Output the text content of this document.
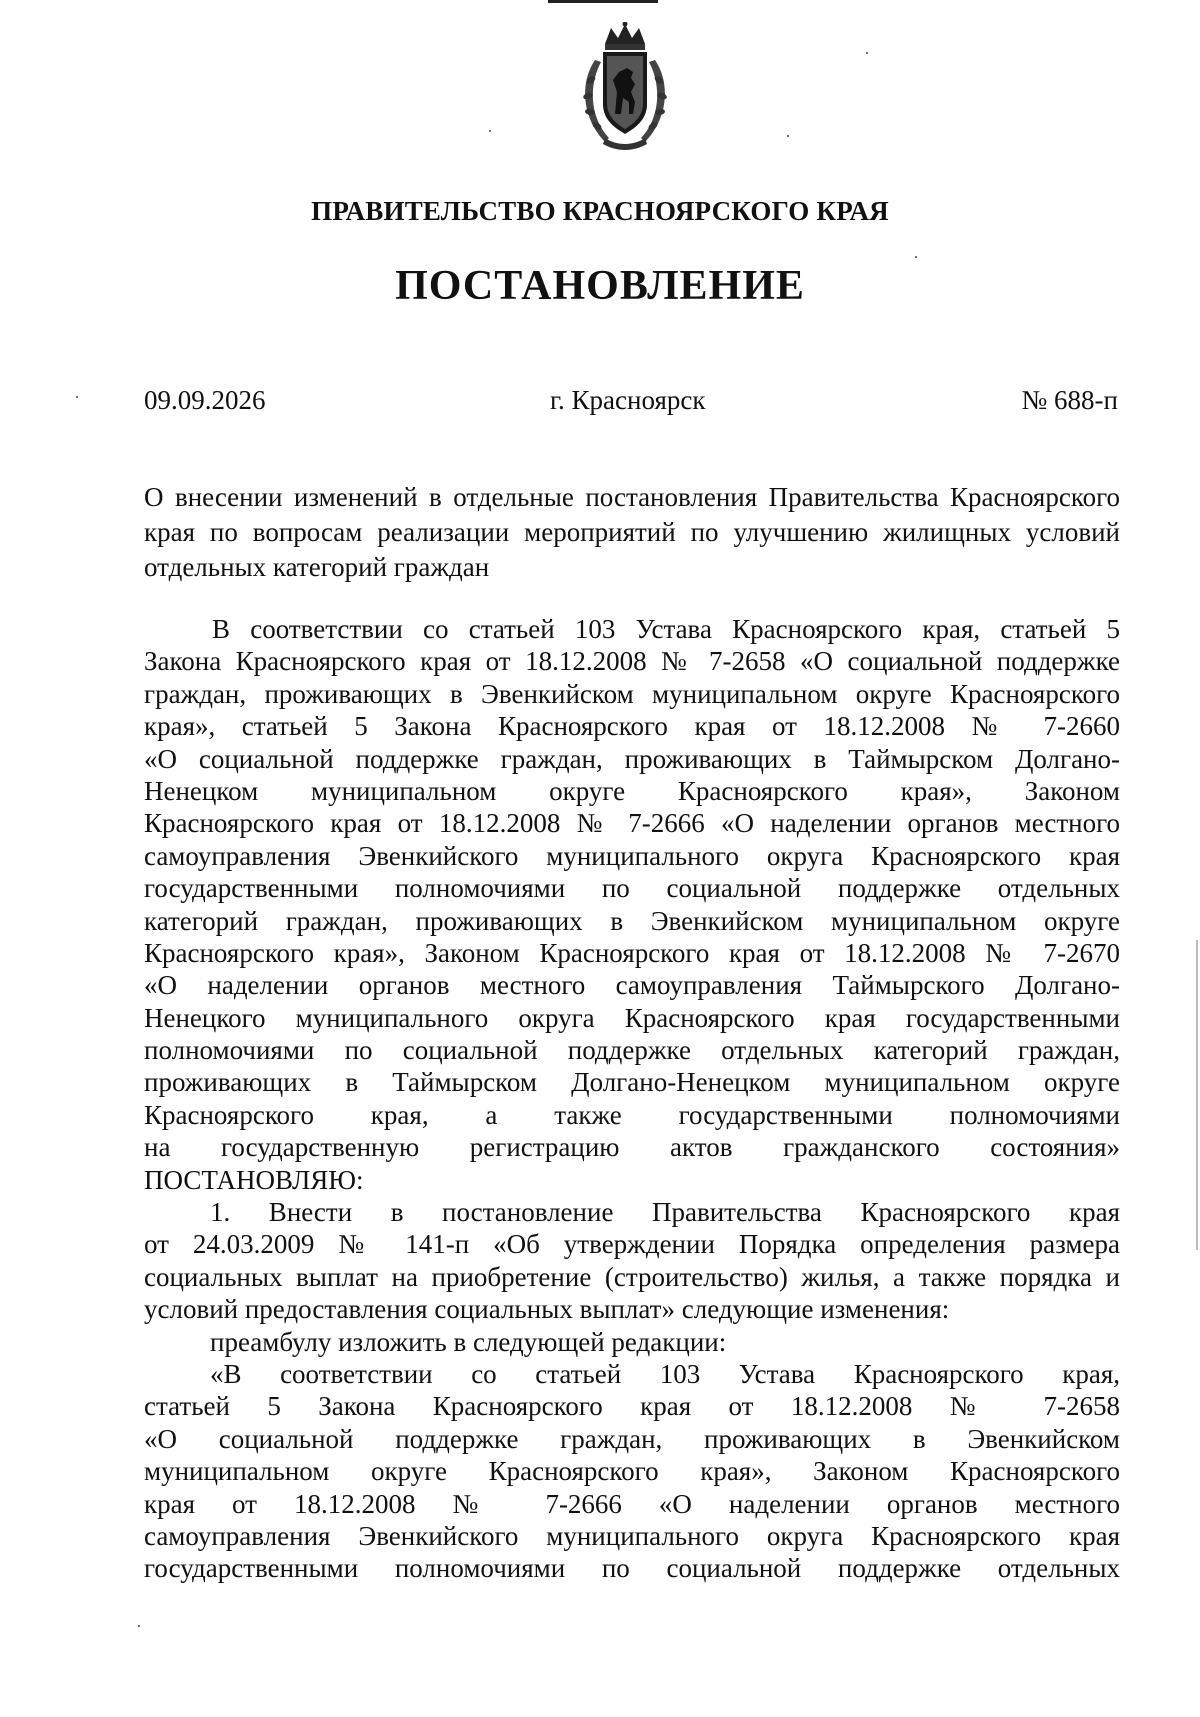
ПРАВИТЕЛЬСТВО КРАСНОЯРСКОГО КРАЯ
ПОСТАНОВЛЕНИЕ
09.09.2026	г. Красноярск	№ 688-п
О внесении изменений в отдельные постановления Правительства Красноярского края по вопросам реализации мероприятий по улучшению жилищных условий отдельных категорий граждан
В соответствии со статьей 103 Устава Красноярского края, статьей 5
Закона Красноярского края от 18.12.2008 № 7-2658 «О социальной поддержке
граждан, проживающих в Эвенкийском муниципальном округе Красноярского
края», статьей 5 Закона Красноярского края от 18.12.2008 № 7-2660
«О социальной поддержке граждан, проживающих в Таймырском Долгано-
Ненецком муниципальном округе Красноярского края», Законом
Красноярского края от 18.12.2008 № 7-2666 «О наделении органов местного
самоуправления Эвенкийского муниципального округа Красноярского края
государственными полномочиями по социальной поддержке отдельных
категорий граждан, проживающих в Эвенкийском муниципальном округе
Красноярского края», Законом Красноярского края от 18.12.2008 № 7-2670
«О наделении органов местного самоуправления Таймырского Долгано-
Ненецкого муниципального округа Красноярского края государственными
полномочиями по социальной поддержке отдельных категорий граждан,
проживающих в Таймырском Долгано-Ненецком муниципальном округе
Красноярского края, а также государственными полномочиями
на государственную регистрацию актов гражданского состояния»
ПОСТАНОВЛЯЮ:
1. Внести в постановление Правительства Красноярского края
от 24.03.2009 № 141-п «Об утверждении Порядка определения размера
социальных выплат на приобретение (строительство) жилья, а также порядка и
условий предоставления социальных выплат» следующие изменения:
преамбулу изложить в следующей редакции:
«В соответствии со статьей 103 Устава Красноярского края,
статьей 5 Закона Красноярского края от 18.12.2008 № 7-2658
«О социальной поддержке граждан, проживающих в Эвенкийском
муниципальном округе Красноярского края», Законом Красноярского
края от 18.12.2008 № 7-2666 «О наделении органов местного
самоуправления Эвенкийского муниципального округа Красноярского края
государственными полномочиями по социальной поддержке отдельных
